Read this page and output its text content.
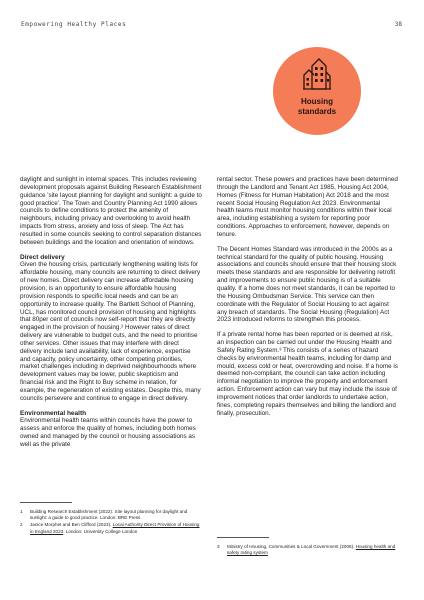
Empowering Healthy Places	38
Housing
standards

daylight and sunlight in internal spaces. This includes reviewing development proposals against Building Research Establishment guidance 'site layout planning for daylight and sunlight: a guide to good practice'. The Town and Country Planning Act 1990 allows councils to define conditions to protect the amenity of neighbours, including privacy and overlooking to avoid health impacts from stress, anxiety and loss of sleep. The Act has resulted in some councils seeking to control separation distances between buildings and the location and orientation of windows.

Direct delivery

Given the housing crisis, particularly lengthening waiting lists for affordable housing, many councils are returning to direct delivery of new homes. Direct delivery can increase affordable housing provision, is an opportunity to ensure affordable housing provision responds to specific local needs and can be an opportunity to increase quality. The Bartlett School of Planning, UCL, has monitored council provision of housing and highlights that 80per cent of councils now self-report that they are directly engaged in the provision of housing.² However rates of direct delivery are vulnerable to budget cuts, and the need to prioritise other services. Other issues that may interfere with direct delivery include land availability, lack of experience, expertise and capacity, policy uncertainty, other competing priorities, market challenges including in deprived neighbourhoods where development values may be lower, public skepticism and financial risk and the Right to Buy scheme in relation, for example, the regeneration of existing estates. Despite this, many councils persevere and continue to engage in direct delivery.

Environmental health

Environmental health teams within councils have the power to assess and enforce the quality of homes, including both homes owned and managed by the council or housing associations as well as the private

rental sector. These powers and practices have been determined through the Landlord and Tenant Act 1985, Housing Act 2004, Homes (Fitness for Human Habitation) Act 2018 and the most recent Social Housing Regulation Act 2023. Environmental health teams must monitor housing conditions within their local area, including establishing a system for reporting poor conditions. Approaches to enforcement, however, depends on tenure.

The Decent Homes Standard was introduced in the 2000s as a technical standard for the quality of public housing. Housing associations and councils should ensure that their housing stock meets these standards and are responsible for delivering retrofit and improvements to ensure public housing is of a suitable quality. If a home does not meet standards, it can be reported to the Housing Ombudsman Service. This service can then coordinate with the Regulator of Social Housing to act against any breach of standards. The Social Housing (Regulation) Act 2023 introduced reforms to strengthen this process.

If a private rental home has been reported or is deemed at risk, an inspection can be carried out under the Housing Health and Safety Rating System.³ This consists of a series of hazard checks by environmental health teams, including for damp and mould, excess cold or heat, overcrowding and noise. If a home is deemed non-compliant, the council can take action including informal negotiation to improve the property and enforcement action. Enforcement action can vary but may include the issue of improvement notices that order landlords to undertake action, fines, completing repairs themselves and billing the landlord and finally, prosecution.

1	Building Research Establishment (2022). Site layout planning for daylight and sunlight: a guide to good practice. London: BRE Press
2	Janice Morphet and Ben Clifford (2023). Local Authority Direct Provision of Housing in England 2023. London: University College London
3	Ministry of Housing, Communities & Local Government (2006). Housing health and safety rating system
